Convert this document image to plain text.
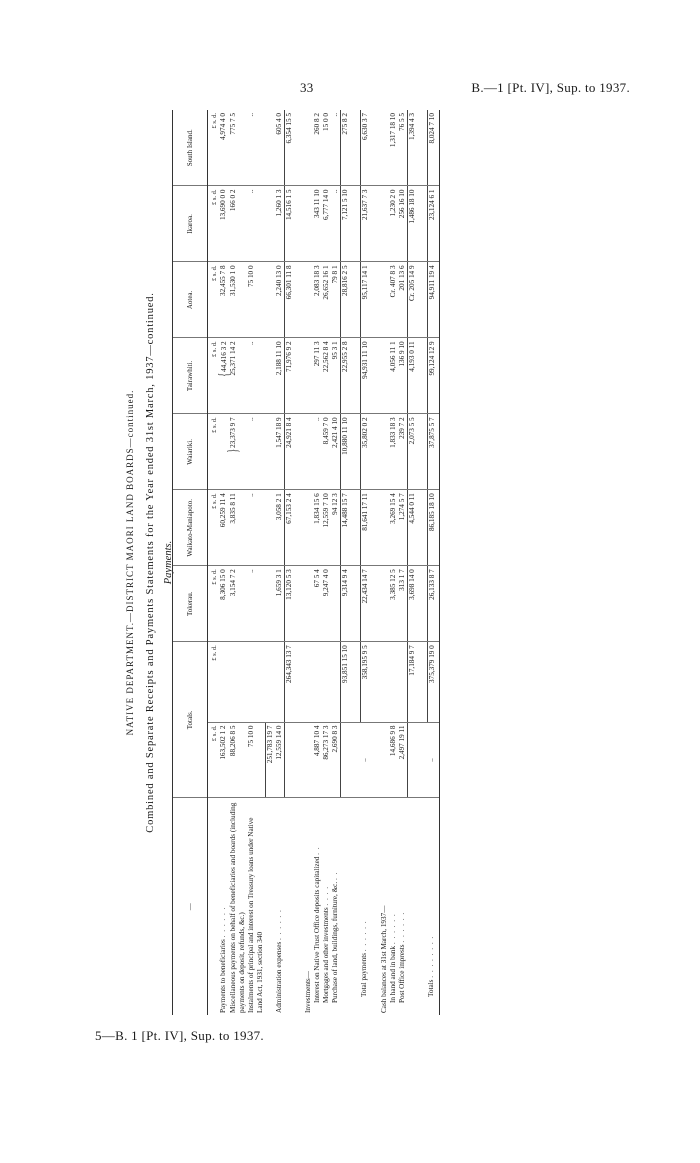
33	B.—1 [Pt. IV], Sup. to 1937.
5—B. 1 [Pt. IV], Sup. to 1937.
NATIVE DEPARTMENT.—DISTRICT MAORI LAND BOARDS—continued. Combined and Separate Receipts and Payments Statements for the Year ended 31st March, 1937—continued. Payments.
—	Totals.		Tokerau.	Waikato-Maniapoto.	Waiariki.	Tairawhiti.	Aotea.	Ikaroa.	South Island.
	£ s. d.	£ s. d.	£ s. d.	£ s. d.	£ s. d.	£ s. d.	£ s. d.	£ s. d.	£ s. d.
Payments to beneficiaries . . . . . .	163,502 1 2		8,306 15 0	60,259 11 4	}23,373 9 7	{44,416 3 2	32,455 7 8	13,690 0 0	4,974 4 0
Miscellaneous payments on behalf of beneficiaries and boards (including payments on deposit, refunds, &c.)	88,206 8 5		3,154 7 2	3,835 8 11		25,371 14 2	31,530 1 0	166 0 2	775 7 5
Instalments of principal and interest on Treasury loans under Native Land Act, 1931, section 340	75 10 0		..	..	..	..	75 10 0	..	..
	251,783 19 7								
Administration expenses . . . . . .	12,559 14 0		1,659 3 1	3,058 2 1	1,547 18 9	2,188 11 10	2,240 13 0	1,260 1 3	605 4 0
		264,343 13 7	13,120 5 3	67,153 2 4	24,921 8 4	71,976 9 2	66,301 11 8	14,516 1 5	6,354 15 5

Investments—									
Interest on Native Trust Office deposits capitalized . .	4,887 10 4		67 5 4	1,834 15 6	..	297 11 3	2,083 18 3	343 11 10	260 8 2
Mortgages and other investments . . . .	86,273 17 3		9,247 4 0	12,559 7 10	8,459 7 0	22,562 8 4	26,652 16 1	6,777 14 0	15 0 0
Purchase of land, buildings, furniture, &c. . .	2,690 8 3			94 12 3	2,421 4 10	95 3 1	79 8 1	..	..
		93,851 15 10	9,314 9 4	14,488 15 7	10,880 11 10	22,955 2 8	28,816 2 5	7,121 5 10	275 8 2

Total payments . . . . . .	..	358,195 9 5	22,434 14 7	81,641 17 11	35,802 0 2	94,931 11 10	95,117 14 1	21,637 7 3	6,630 3 7

Cash balances at 31st March, 1937—									
In hand and in bank . . . . . .	14,686 9 8		3,385 12 5	3,269 15 4	1,833 18 3	4,056 11 1	Cr. 407 8 3	1,230 2 0	1,317 18 10
Post Office imprests . . . . . .	2,497 19 11		313 1 7	1,274 5 7	239 7 2	136 9 10	201 13 6	256 16 10	76 5 5
		17,184 9 7	3,698 14 0	4,544 0 11	2,073 5 5	4,193 0 11	Cr. 205 14 9	1,486 18 10	1,394 4 3

Totals . . . . . . . .	..	375,379 19 0	26,133 8 7	86,185 18 10	37,875 5 7	99,124 12 9	94,911 19 4	23,124 6 1	8,024 7 10
